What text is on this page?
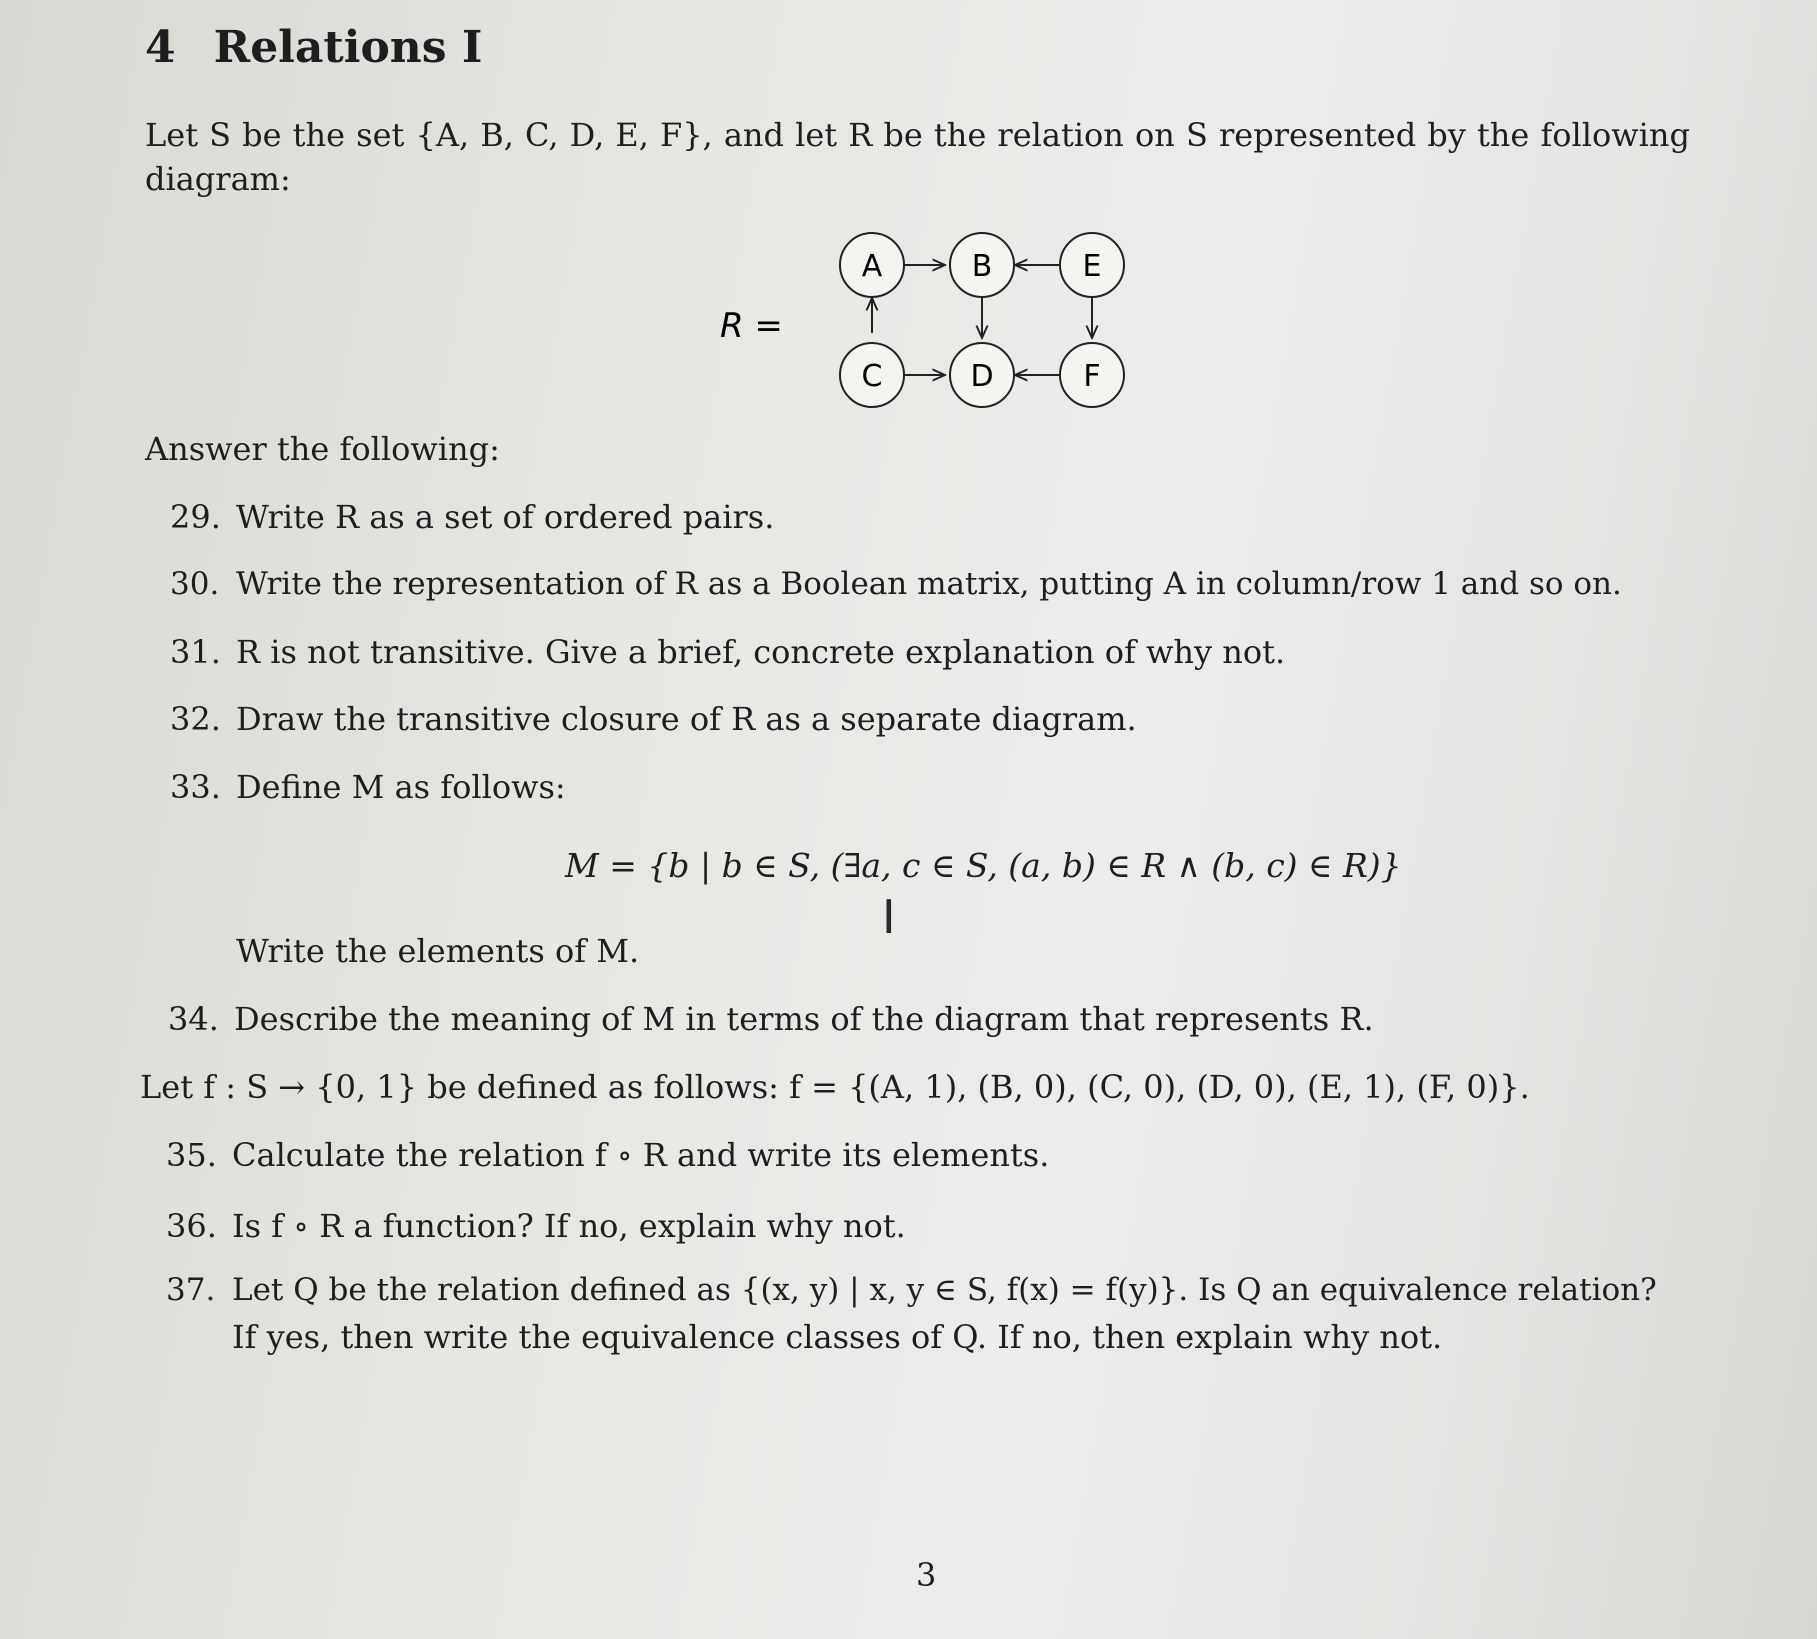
4 Relations I

Let S be the set {A, B, C, D, E, F}, and let R be the relation on S represented by the following diagram:

R =
A	B	E
C	D	F

Answer the following:

29. Write R as a set of ordered pairs.
30. Write the representation of R as a Boolean matrix, putting A in column/row 1 and so on.
31. R is not transitive. Give a brief, concrete explanation of why not.
32. Draw the transitive closure of R as a separate diagram.
33. Define M as follows:

M = {b | b ∈ S, (∃a, c ∈ S, (a, b) ∈ R ∧ (b, c) ∈ R)}

I

Write the elements of M.

34. Describe the meaning of M in terms of the diagram that represents R.

Let f : S → {0, 1} be defined as follows: f = {(A, 1), (B, 0), (C, 0), (D, 0), (E, 1), (F, 0)}.

35. Calculate the relation f ∘ R and write its elements.
36. Is f ∘ R a function? If no, explain why not.
37. Let Q be the relation defined as {(x, y) | x, y ∈ S, f(x) = f(y)}. Is Q an equivalence relation?

If yes, then write the equivalence classes of Q. If no, then explain why not.

3
